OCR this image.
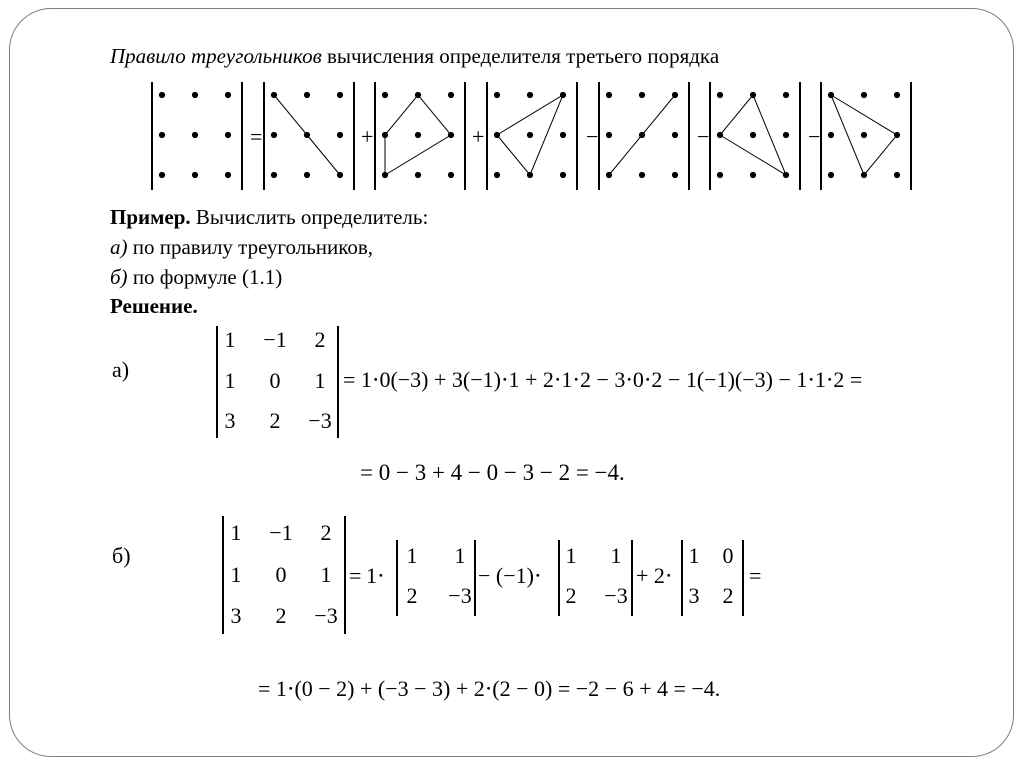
Правило треугольников вычисления определителя третьего порядка
=	+	+	−	−	−
Пример. Вычислить определитель:
а) по правилу треугольников,
б) по формуле (1.1)
Решение.
а)
1	−1	2
1	0	1
3	2	−3
= 1⋅0(−3) + 3(−1)⋅1 + 2⋅1⋅2 − 3⋅0⋅2 − 1(−1)(−3) − 1⋅1⋅2 =
= 0 − 3 + 4 − 0 − 3 − 2 = −4.
б)
1	−1	2
1	0	1
3	2	−3
= 1⋅
1	1
2	−3
− (−1)⋅
1	1
2	−3
+ 2⋅
1	0
3	2
=
= 1⋅(0 − 2) + (−3 − 3) + 2⋅(2 − 0) = −2 − 6 + 4 = −4.
